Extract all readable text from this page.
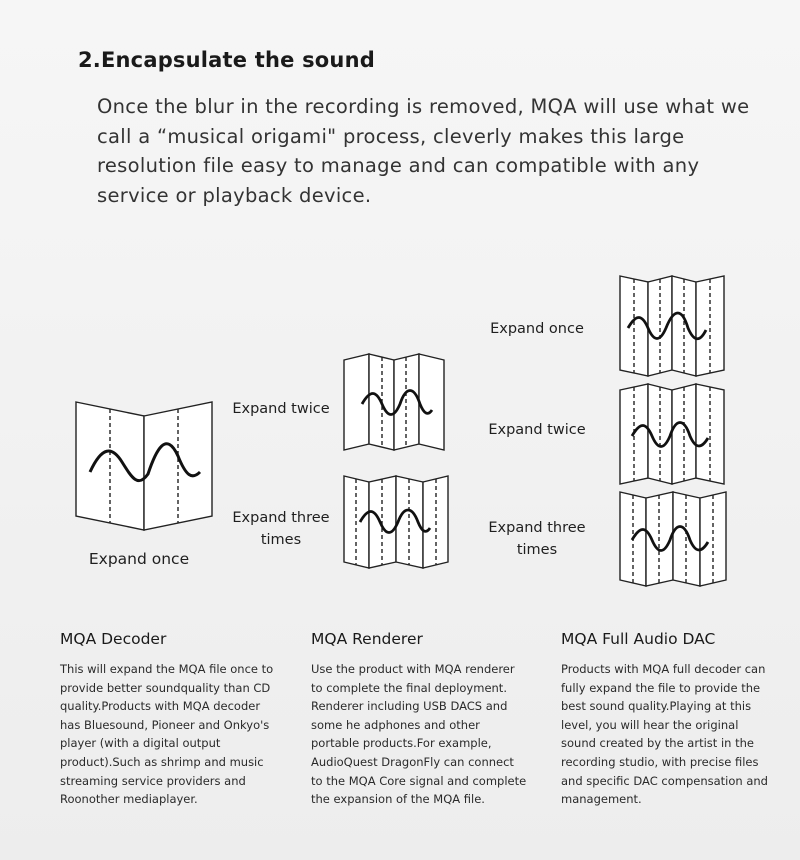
2.Encapsulate the sound
Once the blur in the recording is removed, MQA will use what we call a “musical origami" process, cleverly makes this large resolution file easy to manage and can compatible with any service or playback device.
Expand once
Expand twice
Expand three times
Expand once
Expand twice
Expand three times
MQA Decoder
This will expand the MQA file once to provide better soundquality than CD quality.Products with MQA decoder has Bluesound, Pioneer and Onkyo's player (with a digital output product).Such as shrimp and music streaming service providers and Roonother mediaplayer.
MQA Renderer
Use the product with MQA renderer to complete the final deployment. Renderer including USB DACS and some he adphones and other portable products.For example, AudioQuest DragonFly can connect to the MQA Core signal and complete the expansion of the MQA file.
MQA Full Audio DAC
Products with MQA full decoder can fully expand the file to provide the best sound quality.Playing at this level, you will hear the original sound created by the artist in the recording studio, with precise files and specific DAC compensation and management.
